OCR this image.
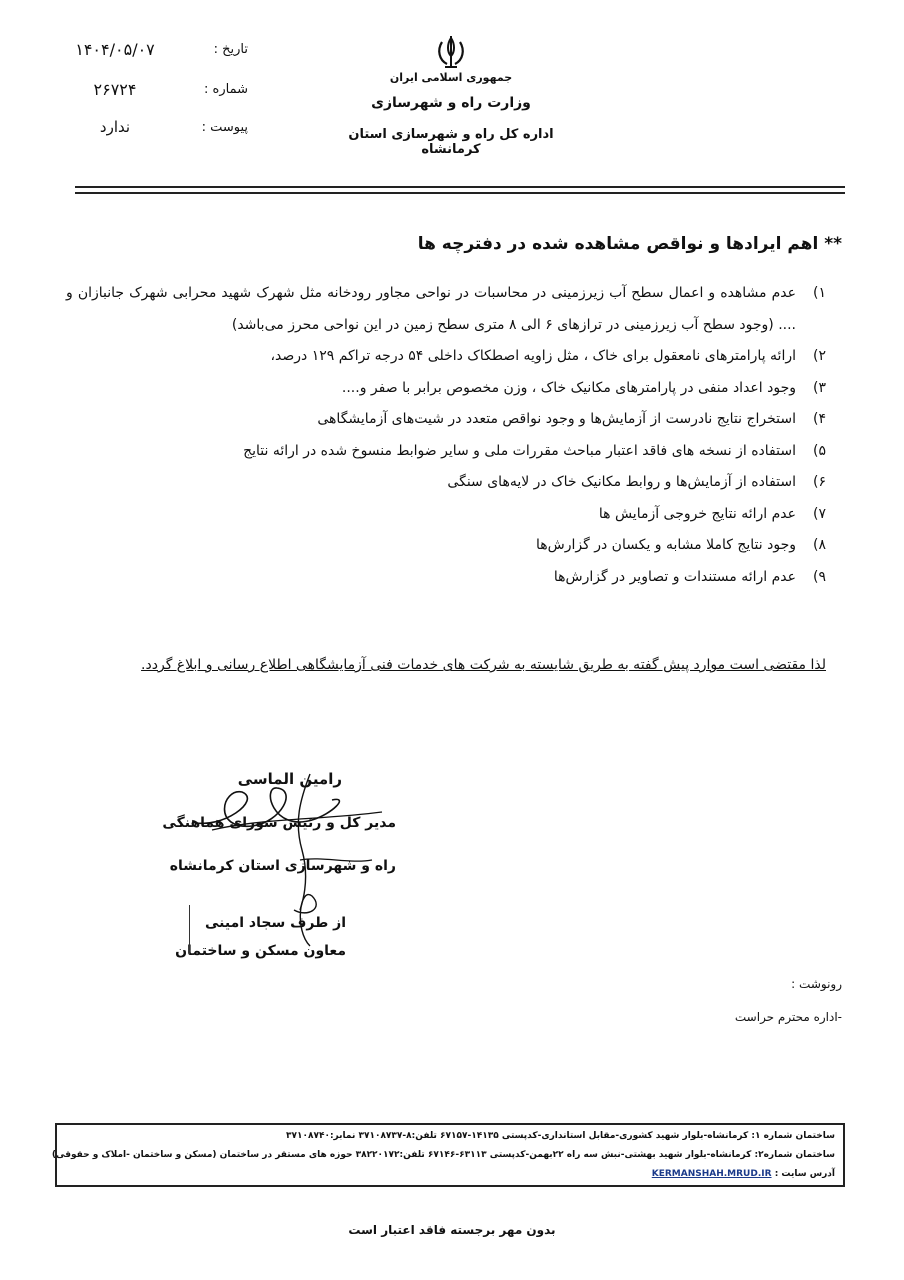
جمهوری اسلامی ایران
وزارت راه و شهرسازی
اداره کل راه و شهرسازی استان کرمانشاه
تاریخ :
۱۴۰۴/۰۵/۰۷
شماره :
۲۶۷۲۴
پیوست :
ندارد
** اهم ایرادها و نواقص مشاهده شده در دفترچه ها
۱)
عدم مشاهده و اعمال سطح آب زیرزمینی در محاسبات در نواحی مجاور رودخانه مثل شهرک شهید محرابی شهرک جانبازان و .... (وجود سطح آب زیرزمینی در ترازهای ۶ الی ۸ متری سطح زمین در این نواحی محرز می‌باشد)
۲)
ارائه پارامترهای نامعقول برای خاک ، مثل زاویه اصطکاک داخلی ۵۴ درجه تراکم ۱۲۹ درصد،
۳)
وجود اعداد منفی در پارامترهای مکانیک خاک ، وزن مخصوص برابر با صفر و....
۴)
استخراج نتایج نادرست از آزمایش‌ها و وجود نواقص متعدد در شیت‌های آزمایشگاهی
۵)
استفاده از نسخه های فاقد اعتبار مباحث مقررات ملی و سایر ضوابط منسوخ شده در ارائه نتایج
۶)
استفاده از آزمایش‌ها و روابط مکانیک خاک در لایه‌های سنگی
۷)
عدم ارائه نتایج خروجی آزمایش ها
۸)
وجود نتایج کاملا مشابه و یکسان در گزارش‌ها
۹)
عدم ارائه مستندات و تصاویر در گزارش‌ها
لذا مقتضی است موارد پیش گفته به طریق شایسته به شرکت های خدمات فنی آزمایشگاهی اطلاع رسانی و ابلاغ گردد.
رامین الماسی
مدیر کل و رئیس شورای هماهنگی
راه و شهرسازی استان کرمانشاه
از طرف سجاد امینی
معاون مسکن و ساختمان
رونوشت :
-اداره محترم حراست
ساختمان شماره ۱: کرمانشاه-بلوار شهید کشوری-مقابل استانداری-کدپستی ۱۴۱۳۵-۶۷۱۵۷ تلفن:۸-۳۷۱۰۸۷۳۷ نمابر:۳۷۱۰۸۷۴۰
ساختمان شماره۲: کرمانشاه-بلوار شهید بهشتی-نبش سه راه ۲۲بهمن-کدپستی ۶۳۱۱۳-۶۷۱۴۶ تلفن:۳۸۲۲۰۱۷۲ حوزه های مستقر در ساختمان (مسکن و ساختمان -املاک و حقوقی)
آدرس سایت : KERMANSHAH.MRUD.IR
بدون مهر برجسته فاقد اعتبار است
